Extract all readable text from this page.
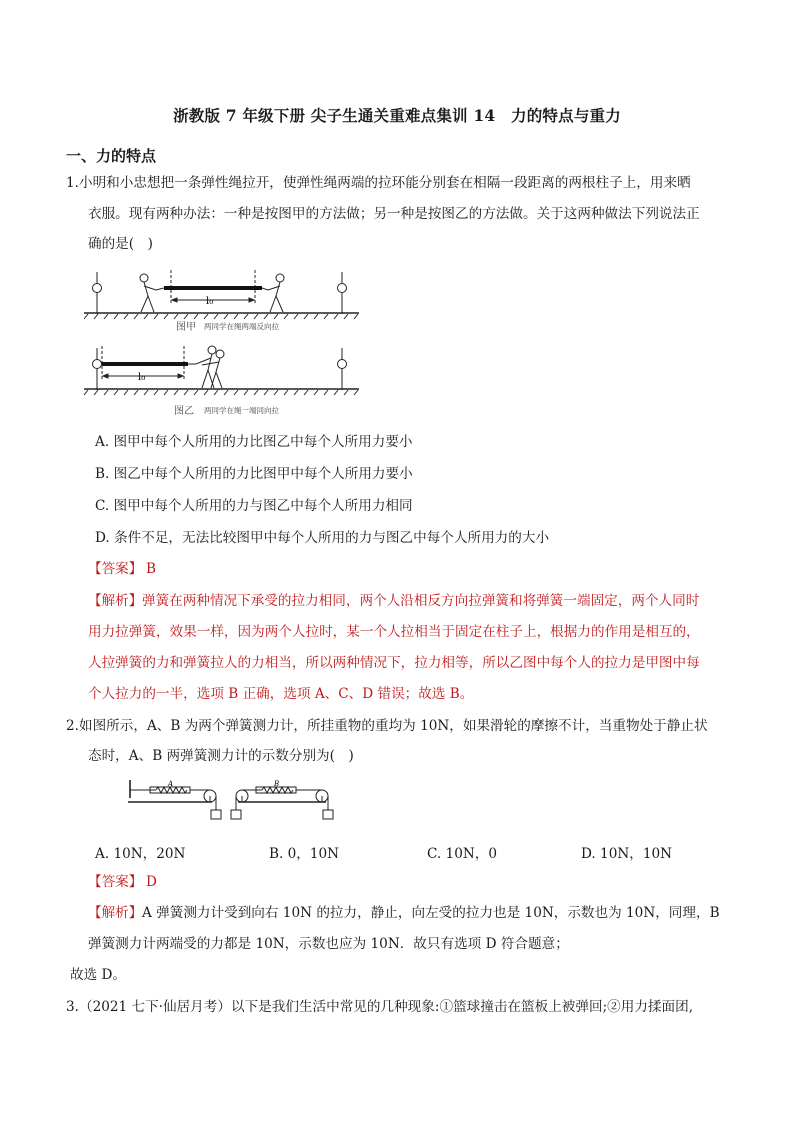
浙教版 7 年级下册 尖子生通关重难点集训 14　力的特点与重力
一、力的特点
1.小明和小忠想把一条弹性绳拉开，使弹性绳两端的拉环能分别套在相隔一段距离的两根柱子上，用来晒
衣服。现有两种办法：一种是按图甲的方法做；另一种是按图乙的方法做。关于这两种做法下列说法正
确的是(　)
l₀
图甲 两同学在绳两端反向拉
l₀
图乙 两同学在绳一端同向拉
A. 图甲中每个人所用的力比图乙中每个人所用力要小
B. 图乙中每个人所用的力比图甲中每个人所用力要小
C. 图甲中每个人所用的力与图乙中每个人所用力相同
D. 条件不足，无法比较图甲中每个人所用的力与图乙中每个人所用力的大小
【答案】 B
【解析】 弹簧在两种情况下承受的拉力相同，两个人沿相反方向拉弹簧和将弹簧一端固定，两个人同时
用力拉弹簧，效果一样，因为两个人拉时，某一个人拉相当于固定在柱子上，根据力的作用是相互的，
人拉弹簧的力和弹簧拉人的力相当，所以两种情况下，拉力相等，所以乙图中每个人的拉力是甲图中每
个人拉力的一半，选项 B 正确，选项 A、C、D 错误；故选 B。
2.如图所示，A、B 为两个弹簧测力计，所挂重物的重均为 10N，如果滑轮的摩擦不计，当重物处于静止状
态时，A、B 两弹簧测力计的示数分别为(　)
A	B
A. 10N，20N	B. 0，10N	C. 10N，0	D. 10N，10N
【答案】 D
【解析】 A 弹簧测力计受到向右 10N 的拉力，静止，向左受的拉力也是 10N，示数也为 10N，同理，B
弹簧测力计两端受的力都是 10N，示数也应为 10N．故只有选项 D 符合题意；
故选 D。
3.（2021 七下·仙居月考）以下是我们生活中常见的几种现象:①篮球撞击在篮板上被弹回;②用力揉面团,
